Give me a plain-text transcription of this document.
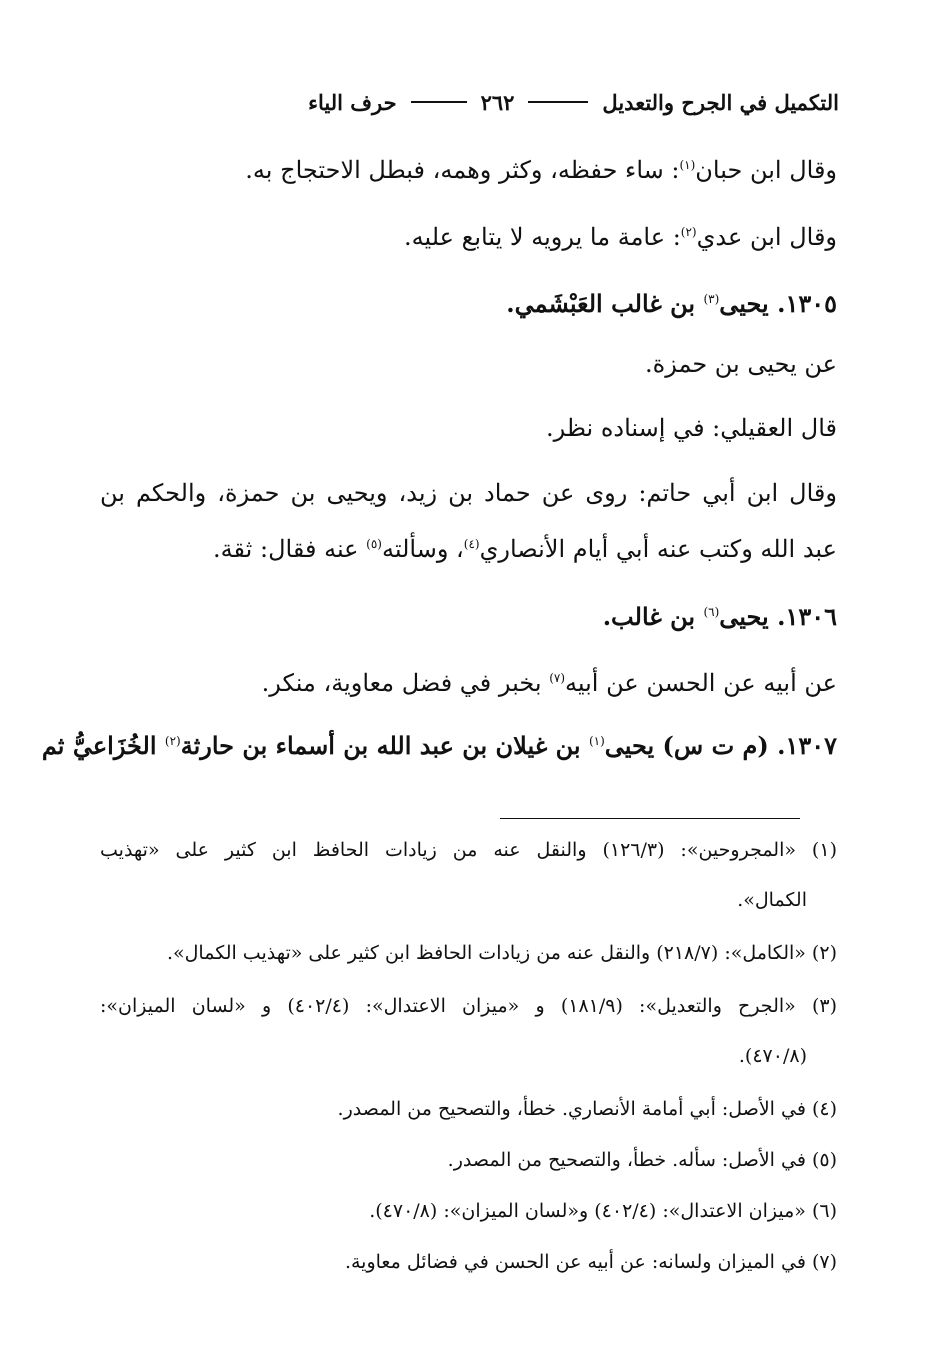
التكميل في الجرح والتعديل
٢٦٢
حرف الياء
وقال ابن حبان$^{(١)}$: ساء حفظه، وكثر وهمه، فبطل الاحتجاج به.
وقال ابن عدي$^{(٢)}$: عامة ما يرويه لا يتابع عليه.
١٣٠٥. يحيى$^{(٣)}$ بن غالب العَبْشَمي.
عن يحيى بن حمزة.
قال العقيلي: في إسناده نظر.
وقال ابن أبي حاتم: روى عن حماد بن زيد، ويحيى بن حمزة، والحكم بن
عبد الله وكتب عنه أبي أيام الأنصاري$^{(٤)}$، وسألته$^{(٥)}$ عنه فقال: ثقة.
١٣٠٦. يحيى$^{(٦)}$ بن غالب.
عن أبيه عن الحسن عن أبيه$^{(٧)}$ بخبر في فضل معاوية، منكر.
١٣٠٧. (م ت س) يحيى$^{(١)}$ بن غيلان بن عبد الله بن أسماء بن حارثة$^{(٢)}$ الخُزَاعيُّ ثم
(١) «المجروحين»: (١٢٦/٣) والنقل عنه من زيادات الحافظ ابن كثير على «تهذيب
الكمال».
(٢) «الكامل»: (٢١٨/٧) والنقل عنه من زيادات الحافظ ابن كثير على «تهذيب الكمال».
(٣) «الجرح والتعديل»: (١٨١/٩) و «ميزان الاعتدال»: (٤٠٢/٤) و «لسان الميزان»:
(٤٧٠/٨).
(٤) في الأصل: أبي أمامة الأنصاري. خطأ، والتصحيح من المصدر.
(٥) في الأصل: سأله. خطأ، والتصحيح من المصدر.
(٦) «ميزان الاعتدال»: (٤٠٢/٤) و«لسان الميزان»: (٤٧٠/٨).
(٧) في الميزان ولسانه: عن أبيه عن الحسن في فضائل معاوية.
